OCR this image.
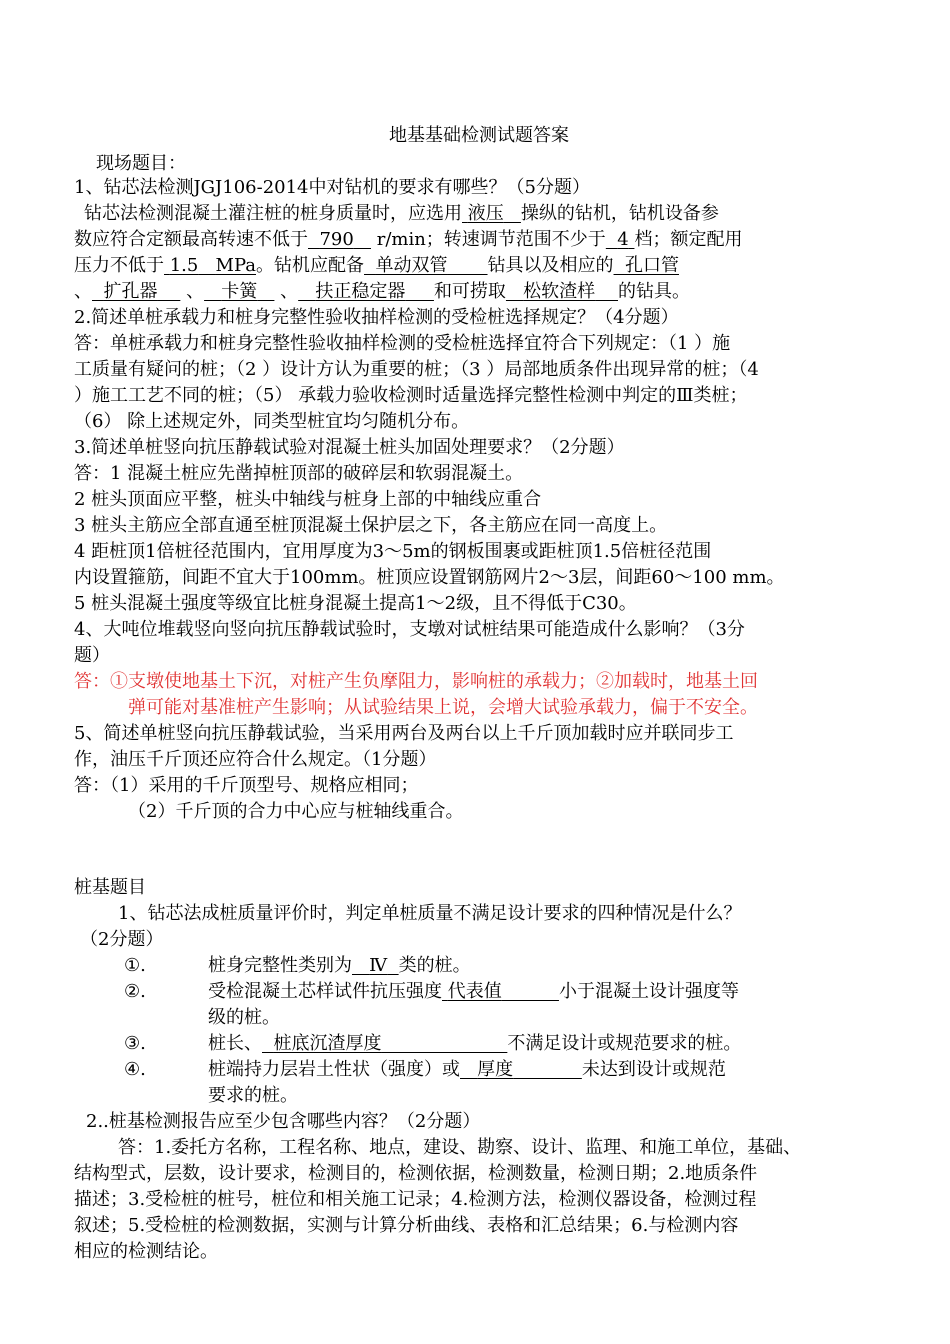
地基基础检测试题答案
现场题目：
1、钻芯法检测JGJ106-2014中对钻机的要求有哪些？（5分题）
钻芯法检测混凝土灌注桩的桩身质量时，应选用 液压 操纵的钻机，钻机设备参
数应符合定额最高转速不低于 790 r/min；转速调节范围不少于 4 档；额定配用
压力不低于 1.5 MPa。钻机应配备 单动双管 钻具以及相应的 孔口管
、 扩孔器 、 卡簧 、 扶正稳定器 和可捞取 松软渣样 的钻具。
2.简述单桩承载力和桩身完整性验收抽样检测的受检桩选择规定？（4分题）
答：单桩承载力和桩身完整性验收抽样检测的受检桩选择宜符合下列规定：（1 ）施
工质量有疑问的桩；（2 ）设计方认为重要的桩；（3 ）局部地质条件出现异常的桩；（4
）施工工艺不同的桩；（5） 承载力验收检测时适量选择完整性检测中判定的Ⅲ类桩；
（6） 除上述规定外，同类型桩宜均匀随机分布。
3.简述单桩竖向抗压静载试验对混凝土桩头加固处理要求？（2分题）
答：1 混凝土桩应先凿掉桩顶部的破碎层和软弱混凝土。
2 桩头顶面应平整，桩头中轴线与桩身上部的中轴线应重合
3 桩头主筋应全部直通至桩顶混凝土保护层之下，各主筋应在同一高度上。
4 距桩顶1倍桩径范围内，宜用厚度为3～5m的钢板围裹或距桩顶1.5倍桩径范围
内设置箍筋，间距不宜大于100mm。桩顶应设置钢筋网片2～3层，间距60～100 mm。
5 桩头混凝土强度等级宜比桩身混凝土提高1～2级，且不得低于C30。
4、大吨位堆载竖向竖向抗压静载试验时，支墩对试桩结果可能造成什么影响？（3分
题）
答：①支墩使地基土下沉，对桩产生负摩阻力，影响桩的承载力；②加载时，地基土回
弹可能对基准桩产生影响；从试验结果上说，会增大试验承载力，偏于不安全。
5、简述单桩竖向抗压静载试验，当采用两台及两台以上千斤顶加载时应并联同步工
作，油压千斤顶还应符合什么规定。（1分题）
答：（1）采用的千斤顶型号、规格应相同；
（2）千斤顶的合力中心应与桩轴线重合。
桩基题目
1、钻芯法成桩质量评价时，判定单桩质量不满足设计要求的四种情况是什么？
（2分题）
①.	桩身完整性类别为 Ⅳ 类的桩。
②.	受检混凝土芯样试件抗压强度 代表值	小于混凝土设计强度等
级的桩。
③.	桩长、 桩底沉渣厚度	不满足设计或规范要求的桩。
④.	桩端持力层岩土性状（强度）或 厚度	未达到设计或规范
要求的桩。
2..桩基检测报告应至少包含哪些内容？（2分题）
答：1.委托方名称，工程名称、地点，建设、勘察、设计、监理、和施工单位，基础、
结构型式，层数，设计要求，检测目的，检测依据，检测数量，检测日期；2.地质条件
描述；3.受检桩的桩号，桩位和相关施工记录；4.检测方法，检测仪器设备，检测过程
叙述；5.受检桩的检测数据，实测与计算分析曲线、表格和汇总结果；6.与检测内容
相应的检测结论。
